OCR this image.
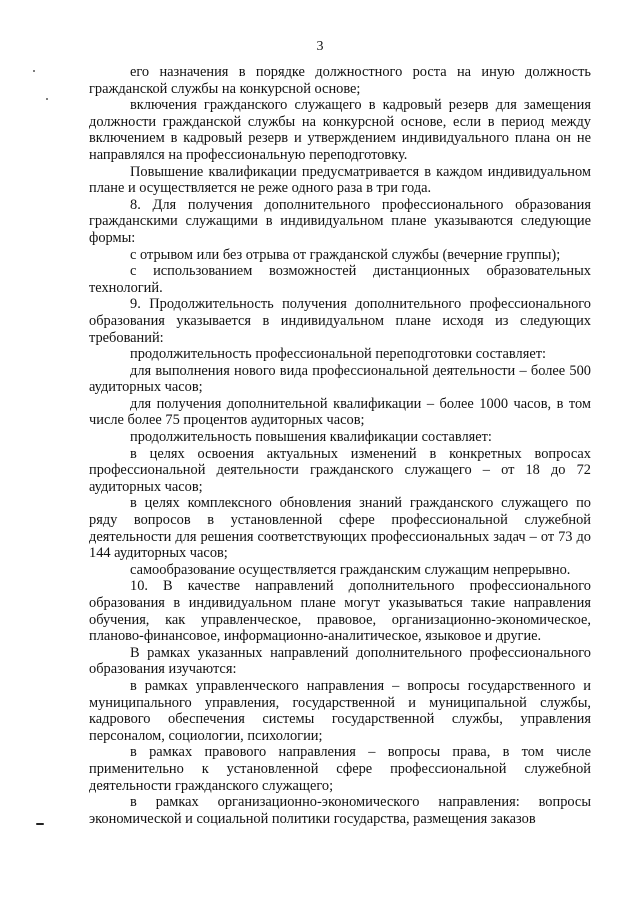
3

его назначения в порядке должностного роста на иную должность гражданской службы на конкурсной основе;

включения гражданского служащего в кадровый резерв для замещения должности гражданской службы на конкурсной основе, если в период между включением в кадровый резерв и утверждением индивидуального плана он не направлялся на профессиональную переподготовку.

Повышение квалификации предусматривается в каждом индивидуальном плане и осуществляется не реже одного раза в три года.

8. Для получения дополнительного профессионального образования гражданскими служащими в индивидуальном плане указываются следующие формы:

с отрывом или без отрыва от гражданской службы (вечерние группы);

с использованием возможностей дистанционных образовательных технологий.

9. Продолжительность получения дополнительного профессионального образования указывается в индивидуальном плане исходя из следующих требований:

продолжительность профессиональной переподготовки составляет:

для выполнения нового вида профессиональной деятельности – более 500 аудиторных часов;

для получения дополнительной квалификации – более 1000 часов, в том числе более 75 процентов аудиторных часов;

продолжительность повышения квалификации составляет:

в целях освоения актуальных изменений в конкретных вопросах профессиональной деятельности гражданского служащего – от 18 до 72 аудиторных часов;

в целях комплексного обновления знаний гражданского служащего по ряду вопросов в установленной сфере профессиональной служебной деятельности для решения соответствующих профессиональных задач – от 73 до 144 аудиторных часов;

самообразование осуществляется гражданским служащим непрерывно.

10. В качестве направлений дополнительного профессионального образования в индивидуальном плане могут указываться такие направления обучения, как управленческое, правовое, организационно-экономическое, планово-финансовое, информационно-аналитическое, языковое и другие.

В рамках указанных направлений дополнительного профессионального образования изучаются:

в рамках управленческого направления – вопросы государственного и муниципального управления, государственной и муниципальной службы, кадрового обеспечения системы государственной службы, управления персоналом, социологии, психологии;

в рамках правового направления – вопросы права, в том числе применительно к установленной сфере профессиональной служебной деятельности гражданского служащего;

в рамках организационно-экономического направления: вопросы экономической и социальной политики государства, размещения заказов
